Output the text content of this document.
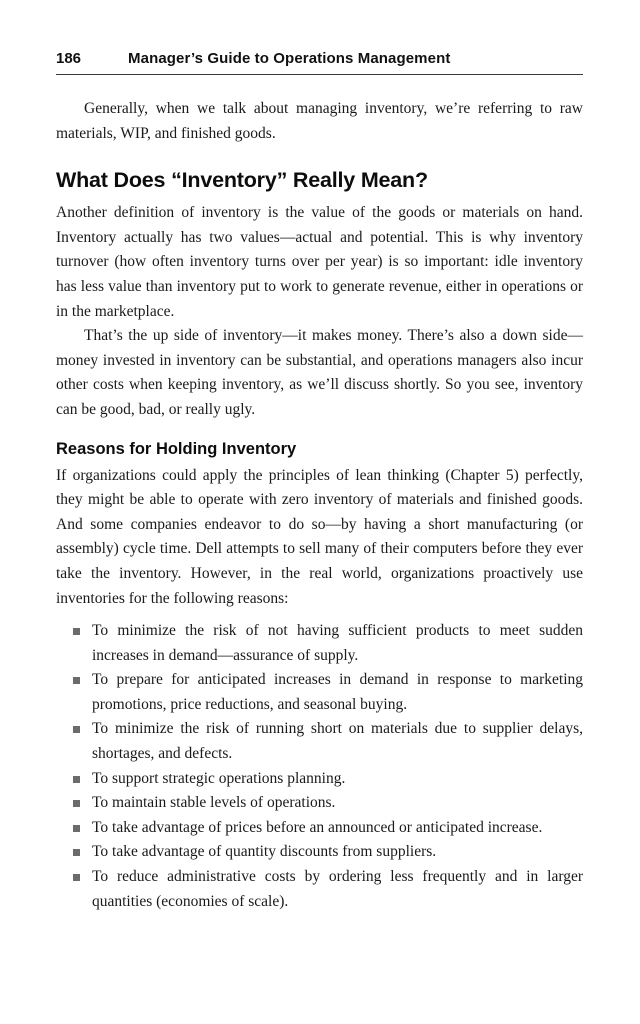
186	Manager’s Guide to Operations Management

Generally, when we talk about managing inventory, we’re referring to raw materials, WIP, and finished goods.

What Does “Inventory” Really Mean?

Another definition of inventory is the value of the goods or materials on hand. Inventory actually has two values—actual and potential. This is why inventory turnover (how often inventory turns over per year) is so important: idle inventory has less value than inventory put to work to generate revenue, either in operations or in the marketplace.

That’s the up side of inventory—it makes money. There’s also a down side—money invested in inventory can be substantial, and operations managers also incur other costs when keeping inventory, as we’ll discuss shortly. So you see, inventory can be good, bad, or really ugly.

Reasons for Holding Inventory

If organizations could apply the principles of lean thinking (Chapter 5) perfectly, they might be able to operate with zero inventory of materials and finished goods. And some companies endeavor to do so—by having a short manufacturing (or assembly) cycle time. Dell attempts to sell many of their computers before they ever take the inventory. However, in the real world, organizations proactively use inventories for the following reasons:

To minimize the risk of not having sufficient products to meet sudden increases in demand—assurance of supply.
To prepare for anticipated increases in demand in response to marketing promotions, price reductions, and seasonal buying.
To minimize the risk of running short on materials due to supplier delays, shortages, and defects.
To support strategic operations planning.
To maintain stable levels of operations.
To take advantage of prices before an announced or anticipated increase.
To take advantage of quantity discounts from suppliers.
To reduce administrative costs by ordering less frequently and in larger quantities (economies of scale).
